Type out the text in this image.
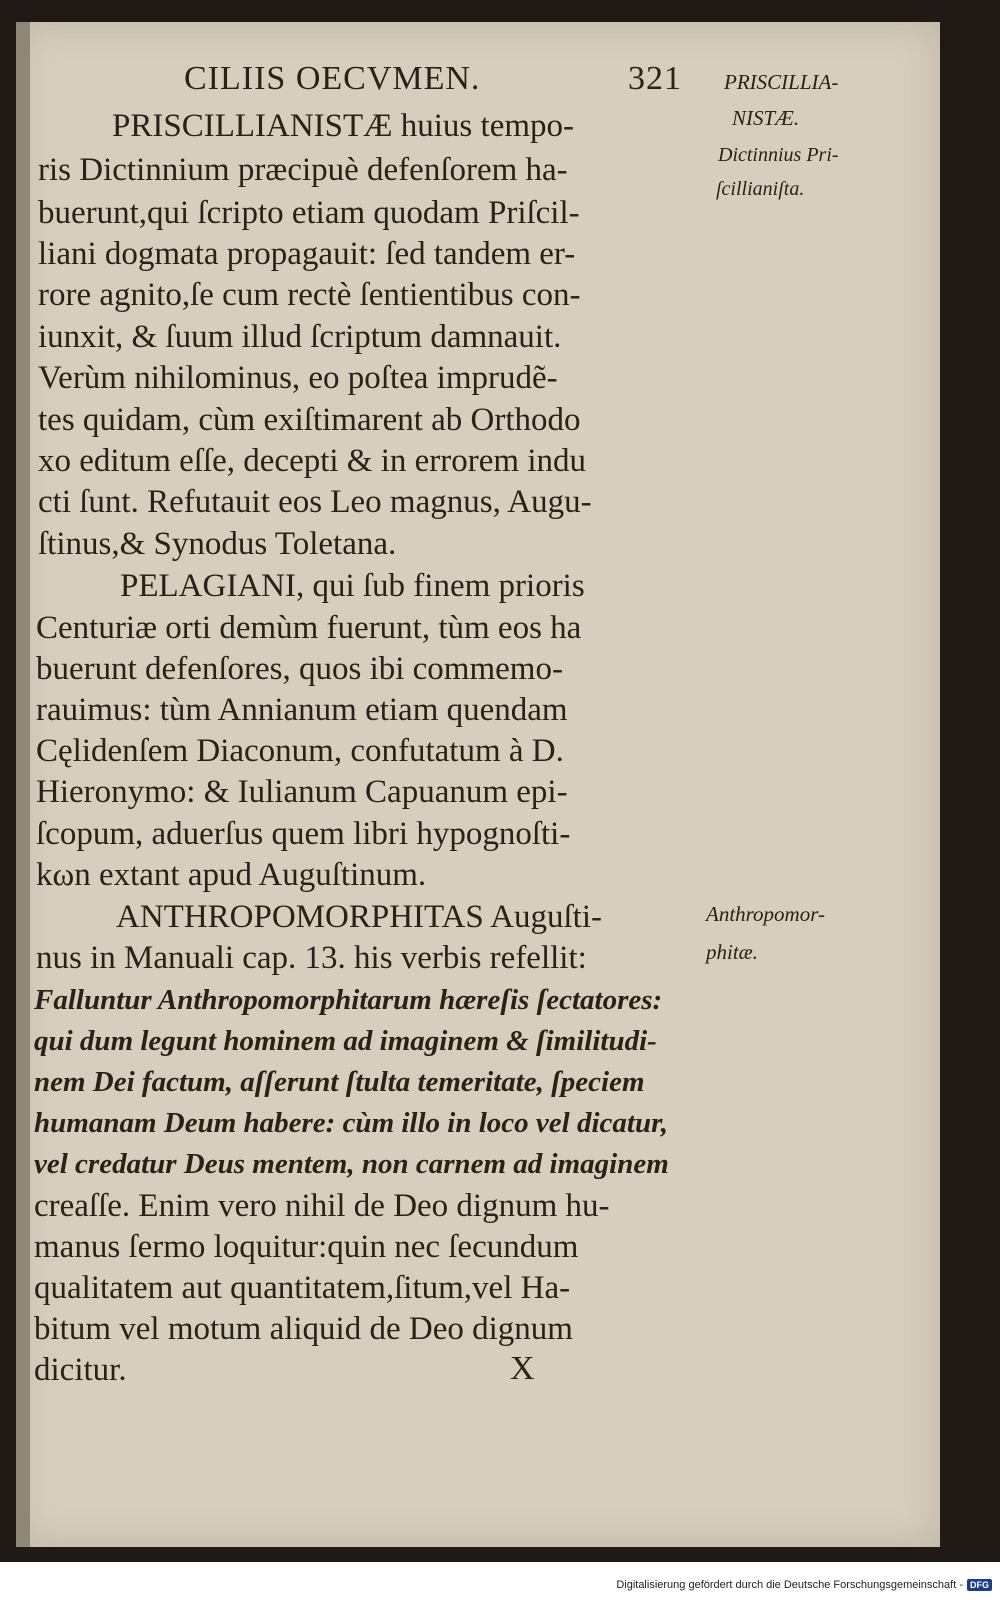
CILIIS OECVMEN.	321
PRISCILLIANISTÆ huius tempo-
ris Dictinnium præcipuè defenſorem ha-
buerunt,qui ſcripto etiam quodam Priſcil-
liani dogmata propagauit: ſed tandem er-
rore agnito,ſe cum rectè ſentientibus con-
iunxit, & ſuum illud ſcriptum damnauit.
Verùm nihilominus, eo poſtea imprudẽ-
tes quidam, cùm exiſtimarent ab Orthodo
xo editum eſſe, decepti & in errorem indu
cti ſunt. Refutauit eos Leo magnus, Augu-
ſtinus,& Synodus Toletana.
PELAGIANI, qui ſub finem prioris
Centuriæ orti demùm fuerunt, tùm eos ha
buerunt defenſores, quos ibi commemo-
rauimus: tùm Annianum etiam quendam
Cęlidenſem Diaconum, confutatum à D.
Hieronymo: & Iulianum Capuanum epi-
ſcopum, aduerſus quem libri hypognoſti-
kωn extant apud Auguſtinum.
ANTHROPOMORPHITAS Auguſti-
nus in Manuali cap. 13. his verbis refellit:
Falluntur Anthropomorphitarum hæreſis ſectatores:
qui dum legunt hominem ad imaginem & ſimilitudi-
nem Dei factum, aſſerunt ſtulta temeritate, ſpeciem
humanam Deum habere: cùm illo in loco vel dicatur,
vel credatur Deus mentem, non carnem ad imaginem
creaſſe. Enim vero nihil de Deo dignum hu-
manus ſermo loquitur:quin nec ſecundum
qualitatem aut quantitatem,ſitum,vel Ha-
bitum vel motum aliquid de Deo dignum
dicitur.	X
PRISCILLIA-
NISTÆ.
Dictinnius Pri-
ſcillianiſta.
Anthropomor-
phitæ.
Digitalisierung gefördert durch die Deutsche Forschungsgemeinschaft - DFG
